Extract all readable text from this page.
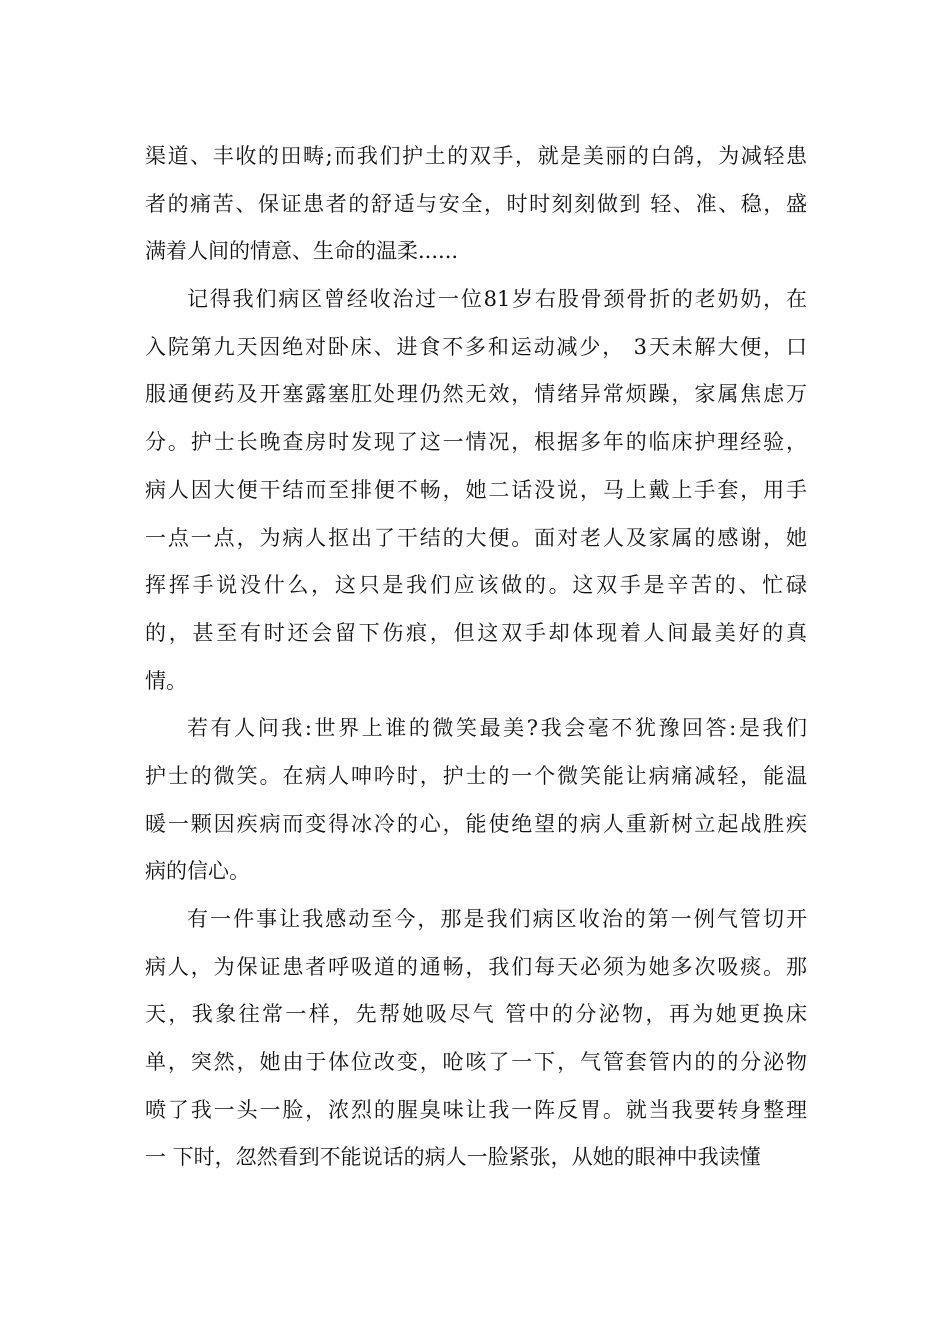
渠道、丰收的田畴;而我们护土的双手，就是美丽的白鸽，为减轻患
者的痛苦、保证患者的舒适与安全，时时刻刻做到 轻、准、稳，盛
满着人间的情意、生命的温柔......
记得我们病区曾经收治过一位81岁右股骨颈骨折的老奶奶，在
入院第九天因绝对卧床、进食不多和运动减少， 3天未解大便，口
服通便药及开塞露塞肛处理仍然无效，情绪异常烦躁，家属焦虑万
分。护士长晚查房时发现了这一情况，根据多年的临床护理经验，
病人因大便干结而至排便不畅，她二话没说，马上戴上手套，用手
一点一点，为病人抠出了干结的大便。面对老人及家属的感谢，她
挥挥手说没什么，这只是我们应该做的。这双手是辛苦的、忙碌
的，甚至有时还会留下伤痕，但这双手却体现着人间最美好的真
情。
若有人问我:世界上谁的微笑最美?我会毫不犹豫回答:是我们
护士的微笑。在病人呻吟时，护士的一个微笑能让病痛减轻，能温
暖一颗因疾病而变得冰冷的心，能使绝望的病人重新树立起战胜疾
病的信心。
有一件事让我感动至今，那是我们病区收治的第一例气管切开
病人，为保证患者呼吸道的通畅，我们每天必须为她多次吸痰。那
天，我象往常一样，先帮她吸尽气 管中的分泌物，再为她更换床
单，突然，她由于体位改变，呛咳了一下，气管套管内的的分泌物
喷了我一头一脸，浓烈的腥臭味让我一阵反胃。就当我要转身整理
一 下时，忽然看到不能说话的病人一脸紧张，从她的眼神中我读懂
